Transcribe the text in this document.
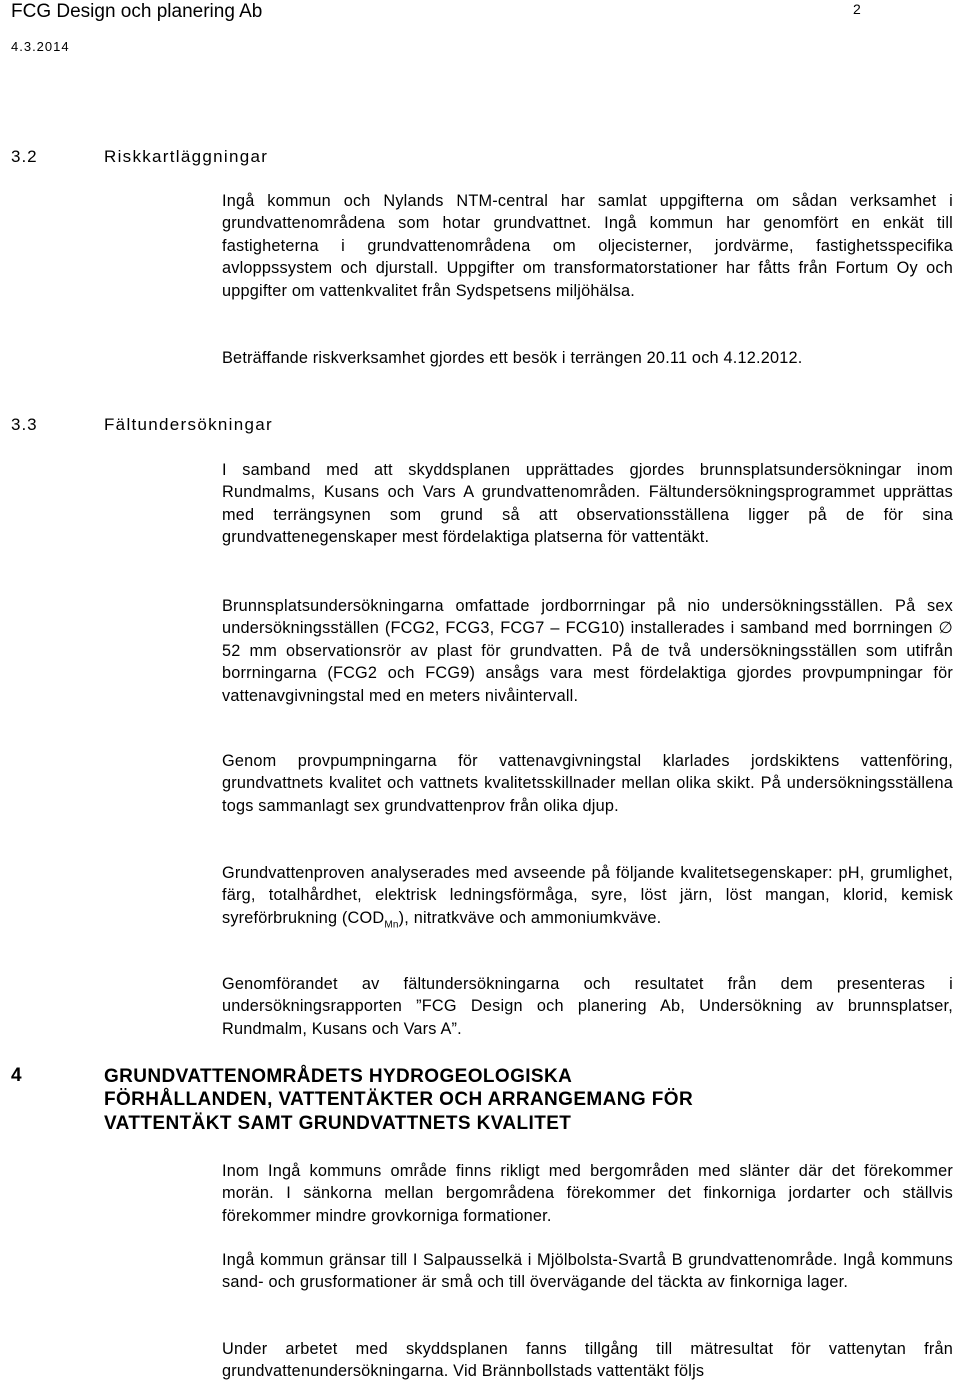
FCG Design och planering Ab
4.3.2014
2
3.2	Riskkartläggningar

Ingå kommun och Nylands NTM-central har samlat uppgifterna om sådan verksamhet i grundvattenområdena som hotar grundvattnet. Ingå kommun har genomfört en enkät till fastigheterna i grundvattenområdena om oljecisterner, jordvärme, fastighetsspecifika avloppssystem och djurstall. Uppgifter om transformatorstationer har fåtts från Fortum Oy och uppgifter om vattenkvalitet från Sydspetsens miljöhälsa.

Beträffande riskverksamhet gjordes ett besök i terrängen 20.11 och 4.12.2012.

3.3	Fältundersökningar

I samband med att skyddsplanen upprättades gjordes brunnsplatsundersökningar inom Rundmalms, Kusans och Vars A grundvattenområden. Fältundersökningsprogrammet upprättas med terrängsynen som grund så att observationsställena ligger på de för sina grundvattenegenskaper mest fördelaktiga platserna för vattentäkt.

Brunnsplatsundersökningarna omfattade jordborrningar på nio undersökningsställen. På sex undersökningsställen (FCG2, FCG3, FCG7 – FCG10) installerades i samband med borrningen ∅ 52 mm observationsrör av plast för grundvatten. På de två undersökningsställen som utifrån borrningarna (FCG2 och FCG9) ansågs vara mest fördelaktiga gjordes provpumpningar för vattenavgivningstal med en meters nivåintervall.

Genom provpumpningarna för vattenavgivningstal klarlades jordskiktens vattenföring, grundvattnets kvalitet och vattnets kvalitetsskillnader mellan olika skikt. På undersökningsställena togs sammanlagt sex grundvattenprov från olika djup.

Grundvattenproven analyserades med avseende på följande kvalitetsegenskaper: pH, grumlighet, färg, totalhårdhet, elektrisk ledningsförmåga, syre, löst järn, löst mangan, klorid, kemisk syreförbrukning $(COD_{Mn})$, nitratkväve och ammoniumkväve.

Genomförandet av fältundersökningarna och resultatet från dem presenteras i undersökningsrapporten ”FCG Design och planering Ab, Undersökning av brunnsplatser, Rundmalm, Kusans och Vars A”.

4	GRUNDVATTENOMRÅDETS HYDROGEOLOGISKA
FÖRHÅLLANDEN, VATTENTÄKTER OCH ARRANGEMANG FÖR
VATTENTÄKT SAMT GRUNDVATTNETS KVALITET

Inom Ingå kommuns område finns rikligt med bergområden med slänter där det förekommer morän. I sänkorna mellan bergområdena förekommer det finkorniga jordarter och ställvis förekommer mindre grovkorniga formationer.

Ingå kommun gränsar till I Salpausselkä i Mjölbolsta-Svartå B grundvattenområde. Ingå kommuns sand- och grusformationer är små och till övervägande del täckta av finkorniga lager.

Under arbetet med skyddsplanen fanns tillgång till mätresultat för vattenytan från grundvattenundersökningarna. Vid Brännbollstads vattentäkt följs
